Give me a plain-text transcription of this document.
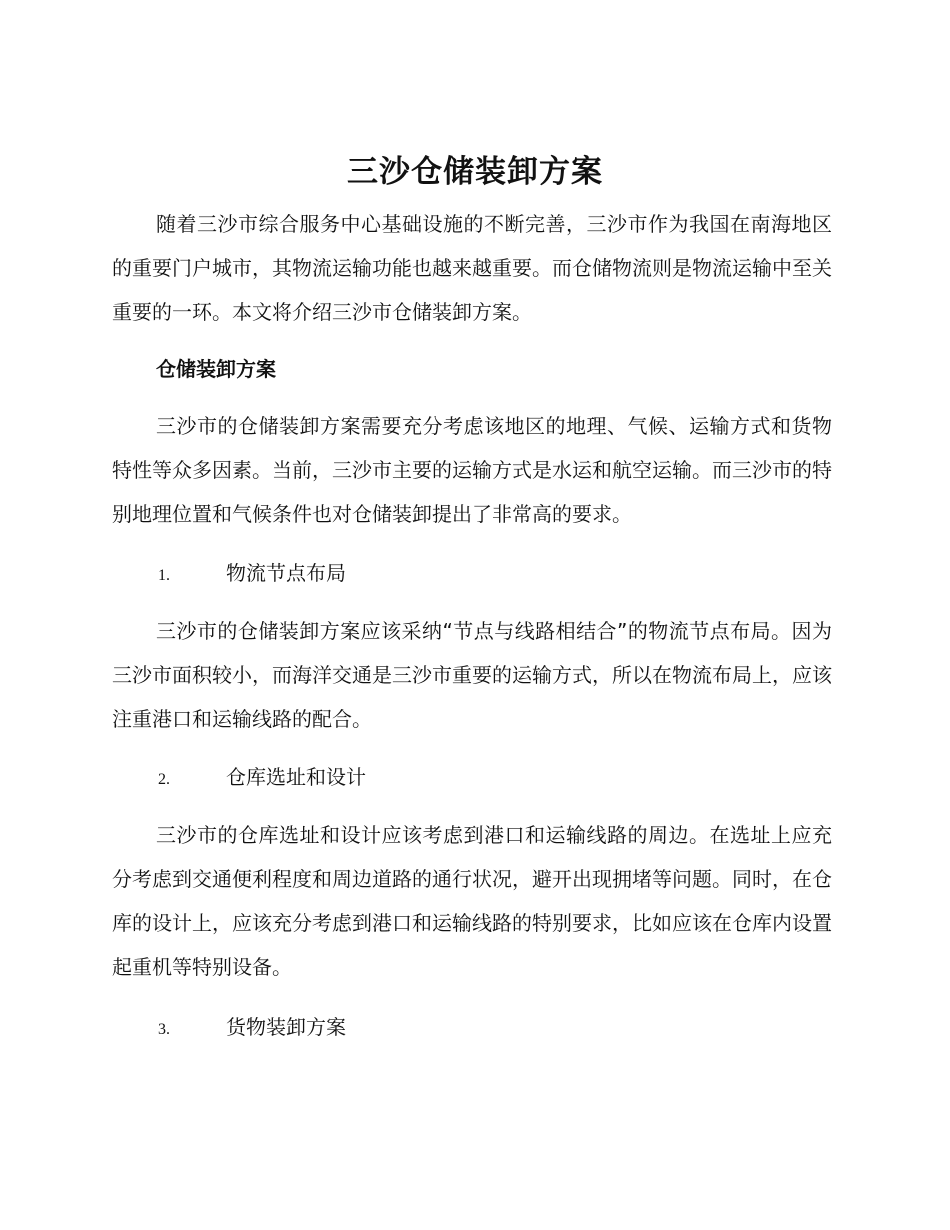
三沙仓储装卸方案

随着三沙市综合服务中心基础设施的不断完善，三沙市作为我国在南海地区的重要门户城市，其物流运输功能也越来越重要。而仓储物流则是物流运输中至关重要的一环。本文将介绍三沙市仓储装卸方案。

仓储装卸方案

三沙市的仓储装卸方案需要充分考虑该地区的地理、气候、运输方式和货物特性等众多因素。当前，三沙市主要的运输方式是水运和航空运输。而三沙市的特别地理位置和气候条件也对仓储装卸提出了非常高的要求。

1.	物流节点布局

三沙市的仓储装卸方案应该采纳“节点与线路相结合”的物流节点布局。因为三沙市面积较小，而海洋交通是三沙市重要的运输方式，所以在物流布局上，应该注重港口和运输线路的配合。

2.	仓库选址和设计

三沙市的仓库选址和设计应该考虑到港口和运输线路的周边。在选址上应充分考虑到交通便利程度和周边道路的通行状况，避开出现拥堵等问题。同时，在仓库的设计上，应该充分考虑到港口和运输线路的特别要求，比如应该在仓库内设置起重机等特别设备。

3.	货物装卸方案
